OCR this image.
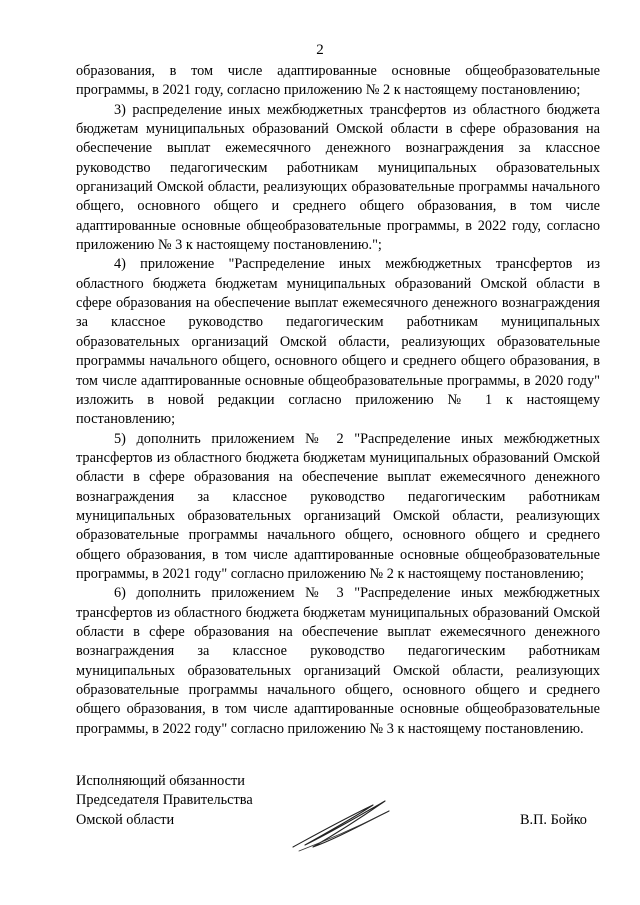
2

образования, в том числе адаптированные основные общеобразовательные программы, в 2021 году, согласно приложению № 2 к настоящему постановлению;

3) распределение иных межбюджетных трансфертов из областного бюджета бюджетам муниципальных образований Омской области в сфере образования на обеспечение выплат ежемесячного денежного вознаграждения за классное руководство педагогическим работникам муниципальных образовательных организаций Омской области, реализующих образовательные программы начального общего, основного общего и среднего общего образования, в том числе адаптированные основные общеобразовательные программы, в 2022 году, согласно приложению № 3 к настоящему постановлению.";

4) приложение "Распределение иных межбюджетных трансфертов из областного бюджета бюджетам муниципальных образований Омской области в сфере образования на обеспечение выплат ежемесячного денежного вознаграждения за классное руководство педагогическим работникам муниципальных образовательных организаций Омской области, реализующих образовательные программы начального общего, основного общего и среднего общего образования, в том числе адаптированные основные общеобразовательные программы, в 2020 году" изложить в новой редакции согласно приложению № 1 к настоящему постановлению;

5) дополнить приложением № 2 "Распределение иных межбюджетных трансфертов из областного бюджета бюджетам муниципальных образований Омской области в сфере образования на обеспечение выплат ежемесячного денежного вознаграждения за классное руководство педагогическим работникам муниципальных образовательных организаций Омской области, реализующих образовательные программы начального общего, основного общего и среднего общего образования, в том числе адаптированные основные общеобразовательные программы, в 2021 году" согласно приложению № 2 к настоящему постановлению;

6) дополнить приложением № 3 "Распределение иных межбюджетных трансфертов из областного бюджета бюджетам муниципальных образований Омской области в сфере образования на обеспечение выплат ежемесячного денежного вознаграждения за классное руководство педагогическим работникам муниципальных образовательных организаций Омской области, реализующих образовательные программы начального общего, основного общего и среднего общего образования, в том числе адаптированные основные общеобразовательные программы, в 2022 году" согласно приложению № 3 к настоящему постановлению.

Исполняющий обязанности
Председателя Правительства
Омской области	В.П. Бойко
